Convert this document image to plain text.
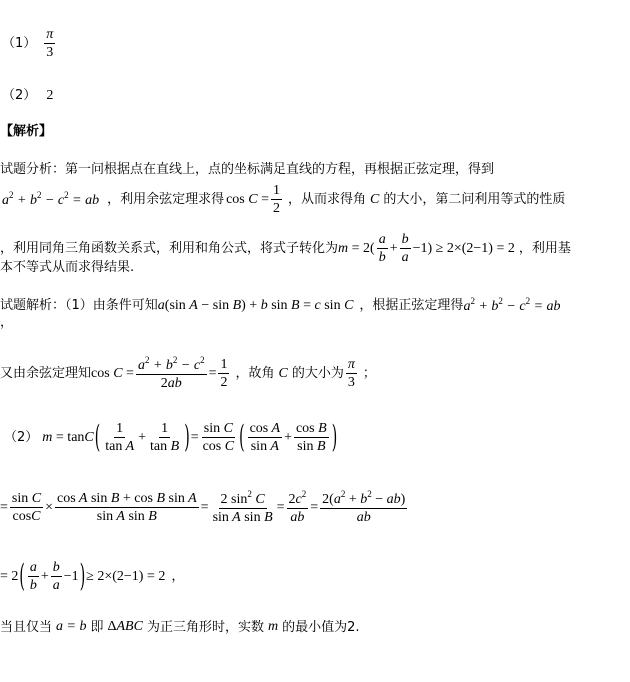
$(1) \frac{\pi}{3}$
（2） 2
【解析】
试题分析：第一问根据点在直线上，点的坐标满足直线的方程，再根据正弦定理，得到
$a^2 + b^2 - c^2$ = ab ，利用余弦定理求得 $\cos C = \frac{1}{2}$ ，从而求得角 C 的大小，第二问利用等式的性质
，利用同角三角函数关系式，利用和角公式，将式子转化为 $m = 2( \frac{a}{b} + \frac{b}{a} -1) \ge 2\times(2-1) = 2$ ，利用基
本不等式从而求得结果.
试题解析：（1）由条件可知 a(sin A − sin B) + b sin B = c sin C ，根据正弦定理得 $a^2 + b^2 - c^2$ = ab
，
又由余弦定理知 $\cos C = \frac{a^2 + b^2 - c^2}{2ab} = \frac{1}{2}$ ，故角 C 的大小为 $\frac{\pi}{3}$ ；
（2） m = tan C ( $\frac{1}{\text{tan A}} + \frac{1}{\text{tan B}}$ ) = $\frac{\text{sin C}}{\text{cos C}}$ ( $\frac{\text{cos A}}{\text{sin A}} + \frac{\text{cos B}}{\text{sin B}}$ )
= $\frac{\text{sin C}}{\cos C} \times \frac{\text{cos A sin B + cos B sin A}}{\text{sin A sin B}} = \frac{2 \sin^2 C}{\text{sin A sin B}} = \frac{2c^2}{ab} = \frac{2(a^2 + b^2 - ab)}{ab}$
= 2 ( $\frac{a}{b} + \frac{b}{a} -1$ ) ≥ 2×(2−1) = 2 ，
当且仅当 a = b 即 ΔABC 为正三角形时，实数 m 的最小值为2.
